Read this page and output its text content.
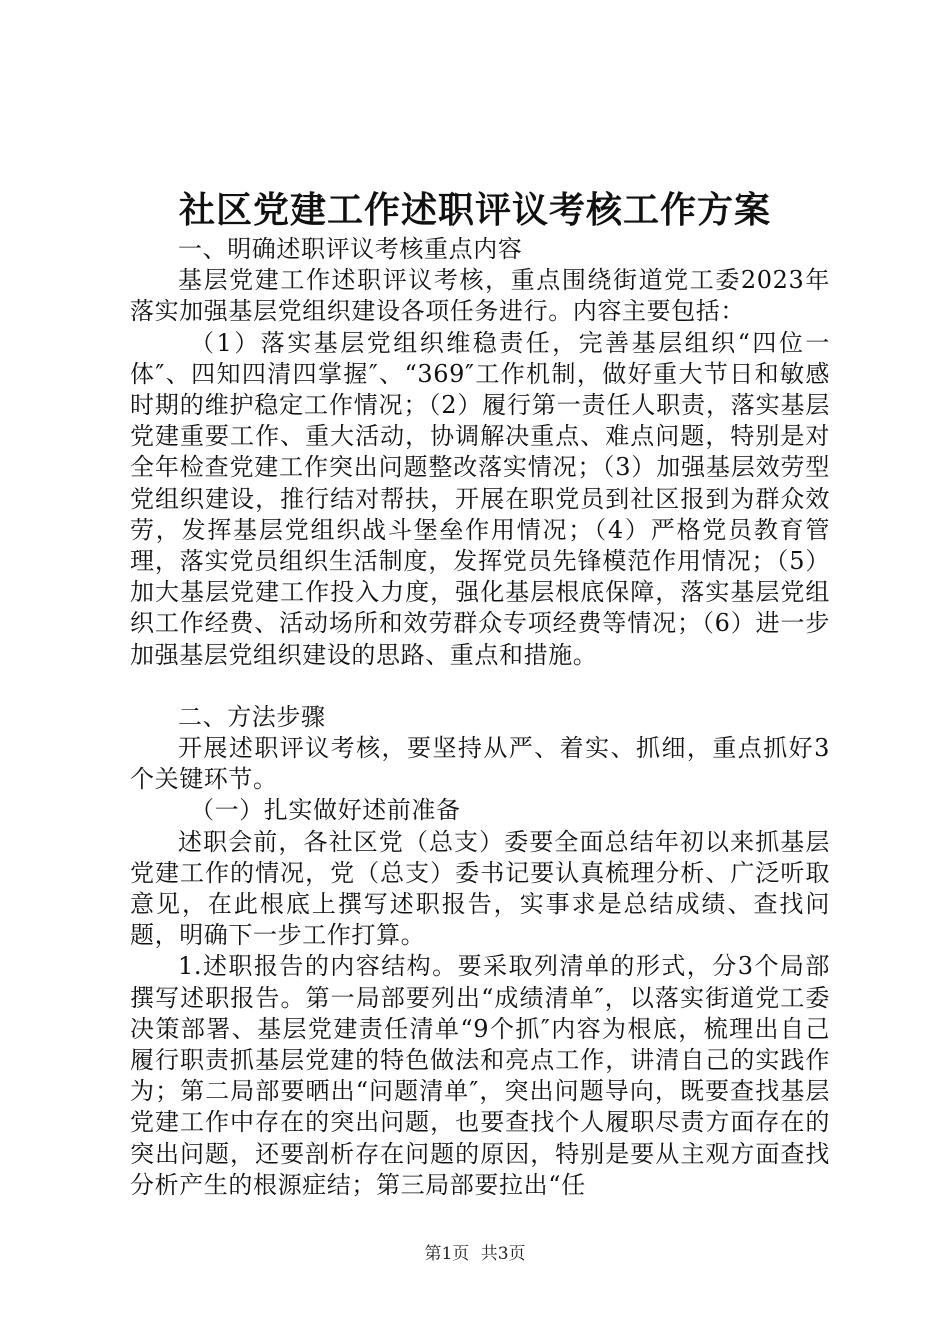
社区党建工作述职评议考核工作方案

一、明确述职评议考核重点内容

基层党建工作述职评议考核，重点围绕街道党工委2023年落实加强基层党组织建设各项任务进行。内容主要包括：

（1）落实基层党组织维稳责任，完善基层组织“四位一体″、四知四清四掌握″、“369″工作机制，做好重大节日和敏感时期的维护稳定工作情况；（2）履行第一责任人职责，落实基层党建重要工作、重大活动，协调解决重点、难点问题，特别是对全年检查党建工作突出问题整改落实情况；（3）加强基层效劳型党组织建设，推行结对帮扶，开展在职党员到社区报到为群众效劳，发挥基层党组织战斗堡垒作用情况；（4）严格党员教育管理，落实党员组织生活制度，发挥党员先锋模范作用情况；（5）加大基层党建工作投入力度，强化基层根底保障，落实基层党组织工作经费、活动场所和效劳群众专项经费等情况；（6）进一步加强基层党组织建设的思路、重点和措施。

二、方法步骤

开展述职评议考核，要坚持从严、着实、抓细，重点抓好3个关键环节。

（一）扎实做好述前准备

述职会前，各社区党（总支）委要全面总结年初以来抓基层党建工作的情况，党（总支）委书记要认真梳理分析、广泛听取意见，在此根底上撰写述职报告，实事求是总结成绩、查找问题，明确下一步工作打算。

1.述职报告的内容结构。要采取列清单的形式，分3个局部撰写述职报告。第一局部要列出“成绩清单″，以落实街道党工委决策部署、基层党建责任清单“9个抓″内容为根底，梳理出自己履行职责抓基层党建的特色做法和亮点工作，讲清自己的实践作为；第二局部要晒出“问题清单″，突出问题导向，既要查找基层党建工作中存在的突出问题，也要查找个人履职尽责方面存在的突出问题，还要剖析存在问题的原因，特别是要从主观方面查找分析产生的根源症结；第三局部要拉出“任

第1页 共3页
